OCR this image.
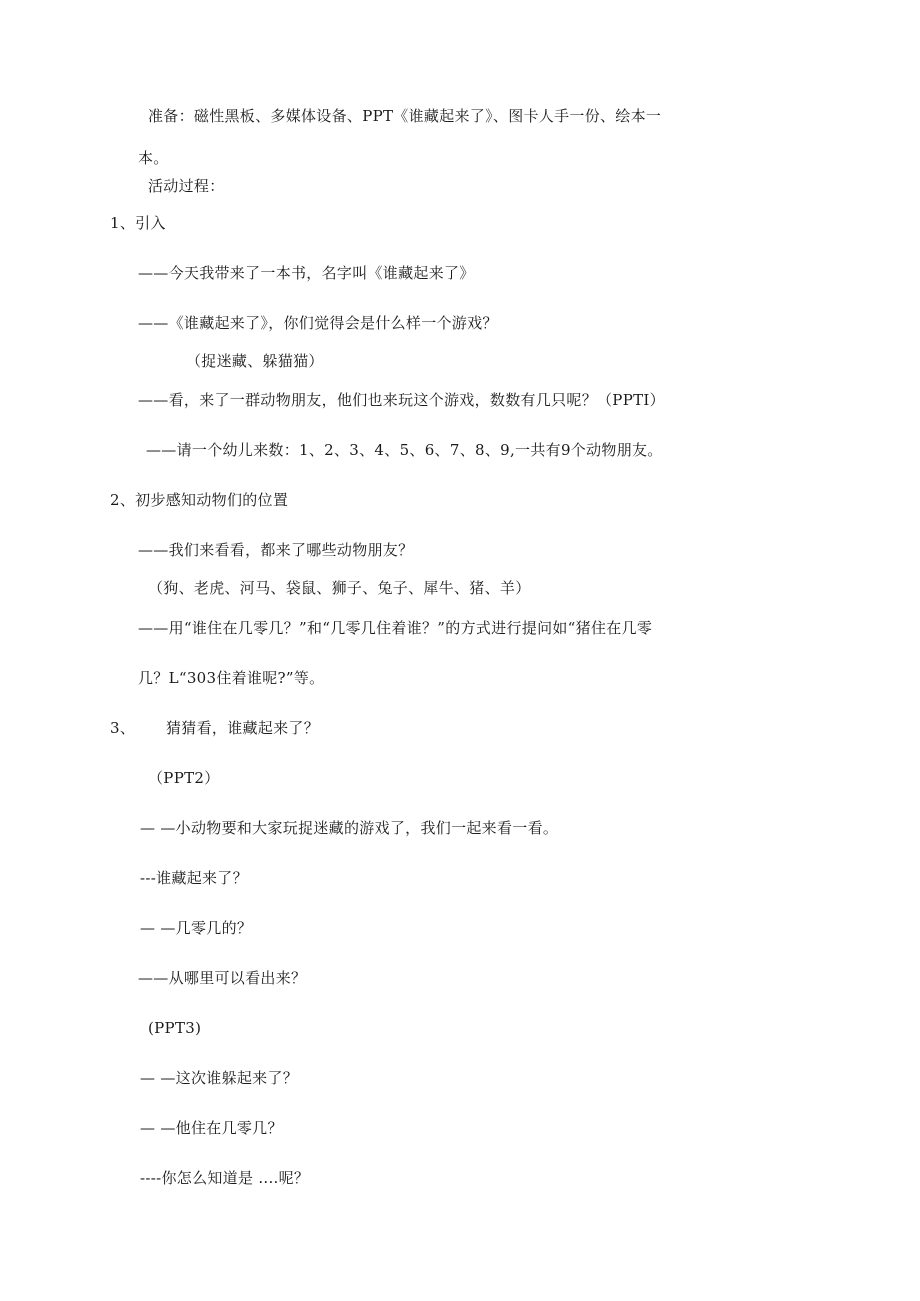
准备：磁性黑板、多媒体设备、PPT《谁藏起来了》、图卡人手一份、绘本一
本。
活动过程：
1、引入
——今天我带来了一本书，名字叫《谁藏起来了》
——《谁藏起来了》，你们觉得会是什么样一个游戏？
（捉迷藏、躲猫猫）
——看，来了一群动物朋友，他们也来玩这个游戏，数数有几只呢？（PPTI）
——请一个幼儿来数：1、2、3、4、5、6、7、8、9,一共有9个动物朋友。
2、初步感知动物们的位置
——我们来看看，都来了哪些动物朋友？
（狗、老虎、河马、袋鼠、狮子、兔子、犀牛、猪、羊）
——用“谁住在几零几？”和“几零几住着谁？”的方式进行提问如“猪住在几零
几？L“303住着谁呢?”等。
3、 猜猜看，谁藏起来了？
（PPT2）
— —小动物要和大家玩捉迷藏的游戏了，我们一起来看一看。
---谁藏起来了？
— —几零几的？
——从哪里可以看出来？
(PPT3)
— —这次谁躲起来了？
— —他住在几零几？
----你怎么知道是 ....呢？
